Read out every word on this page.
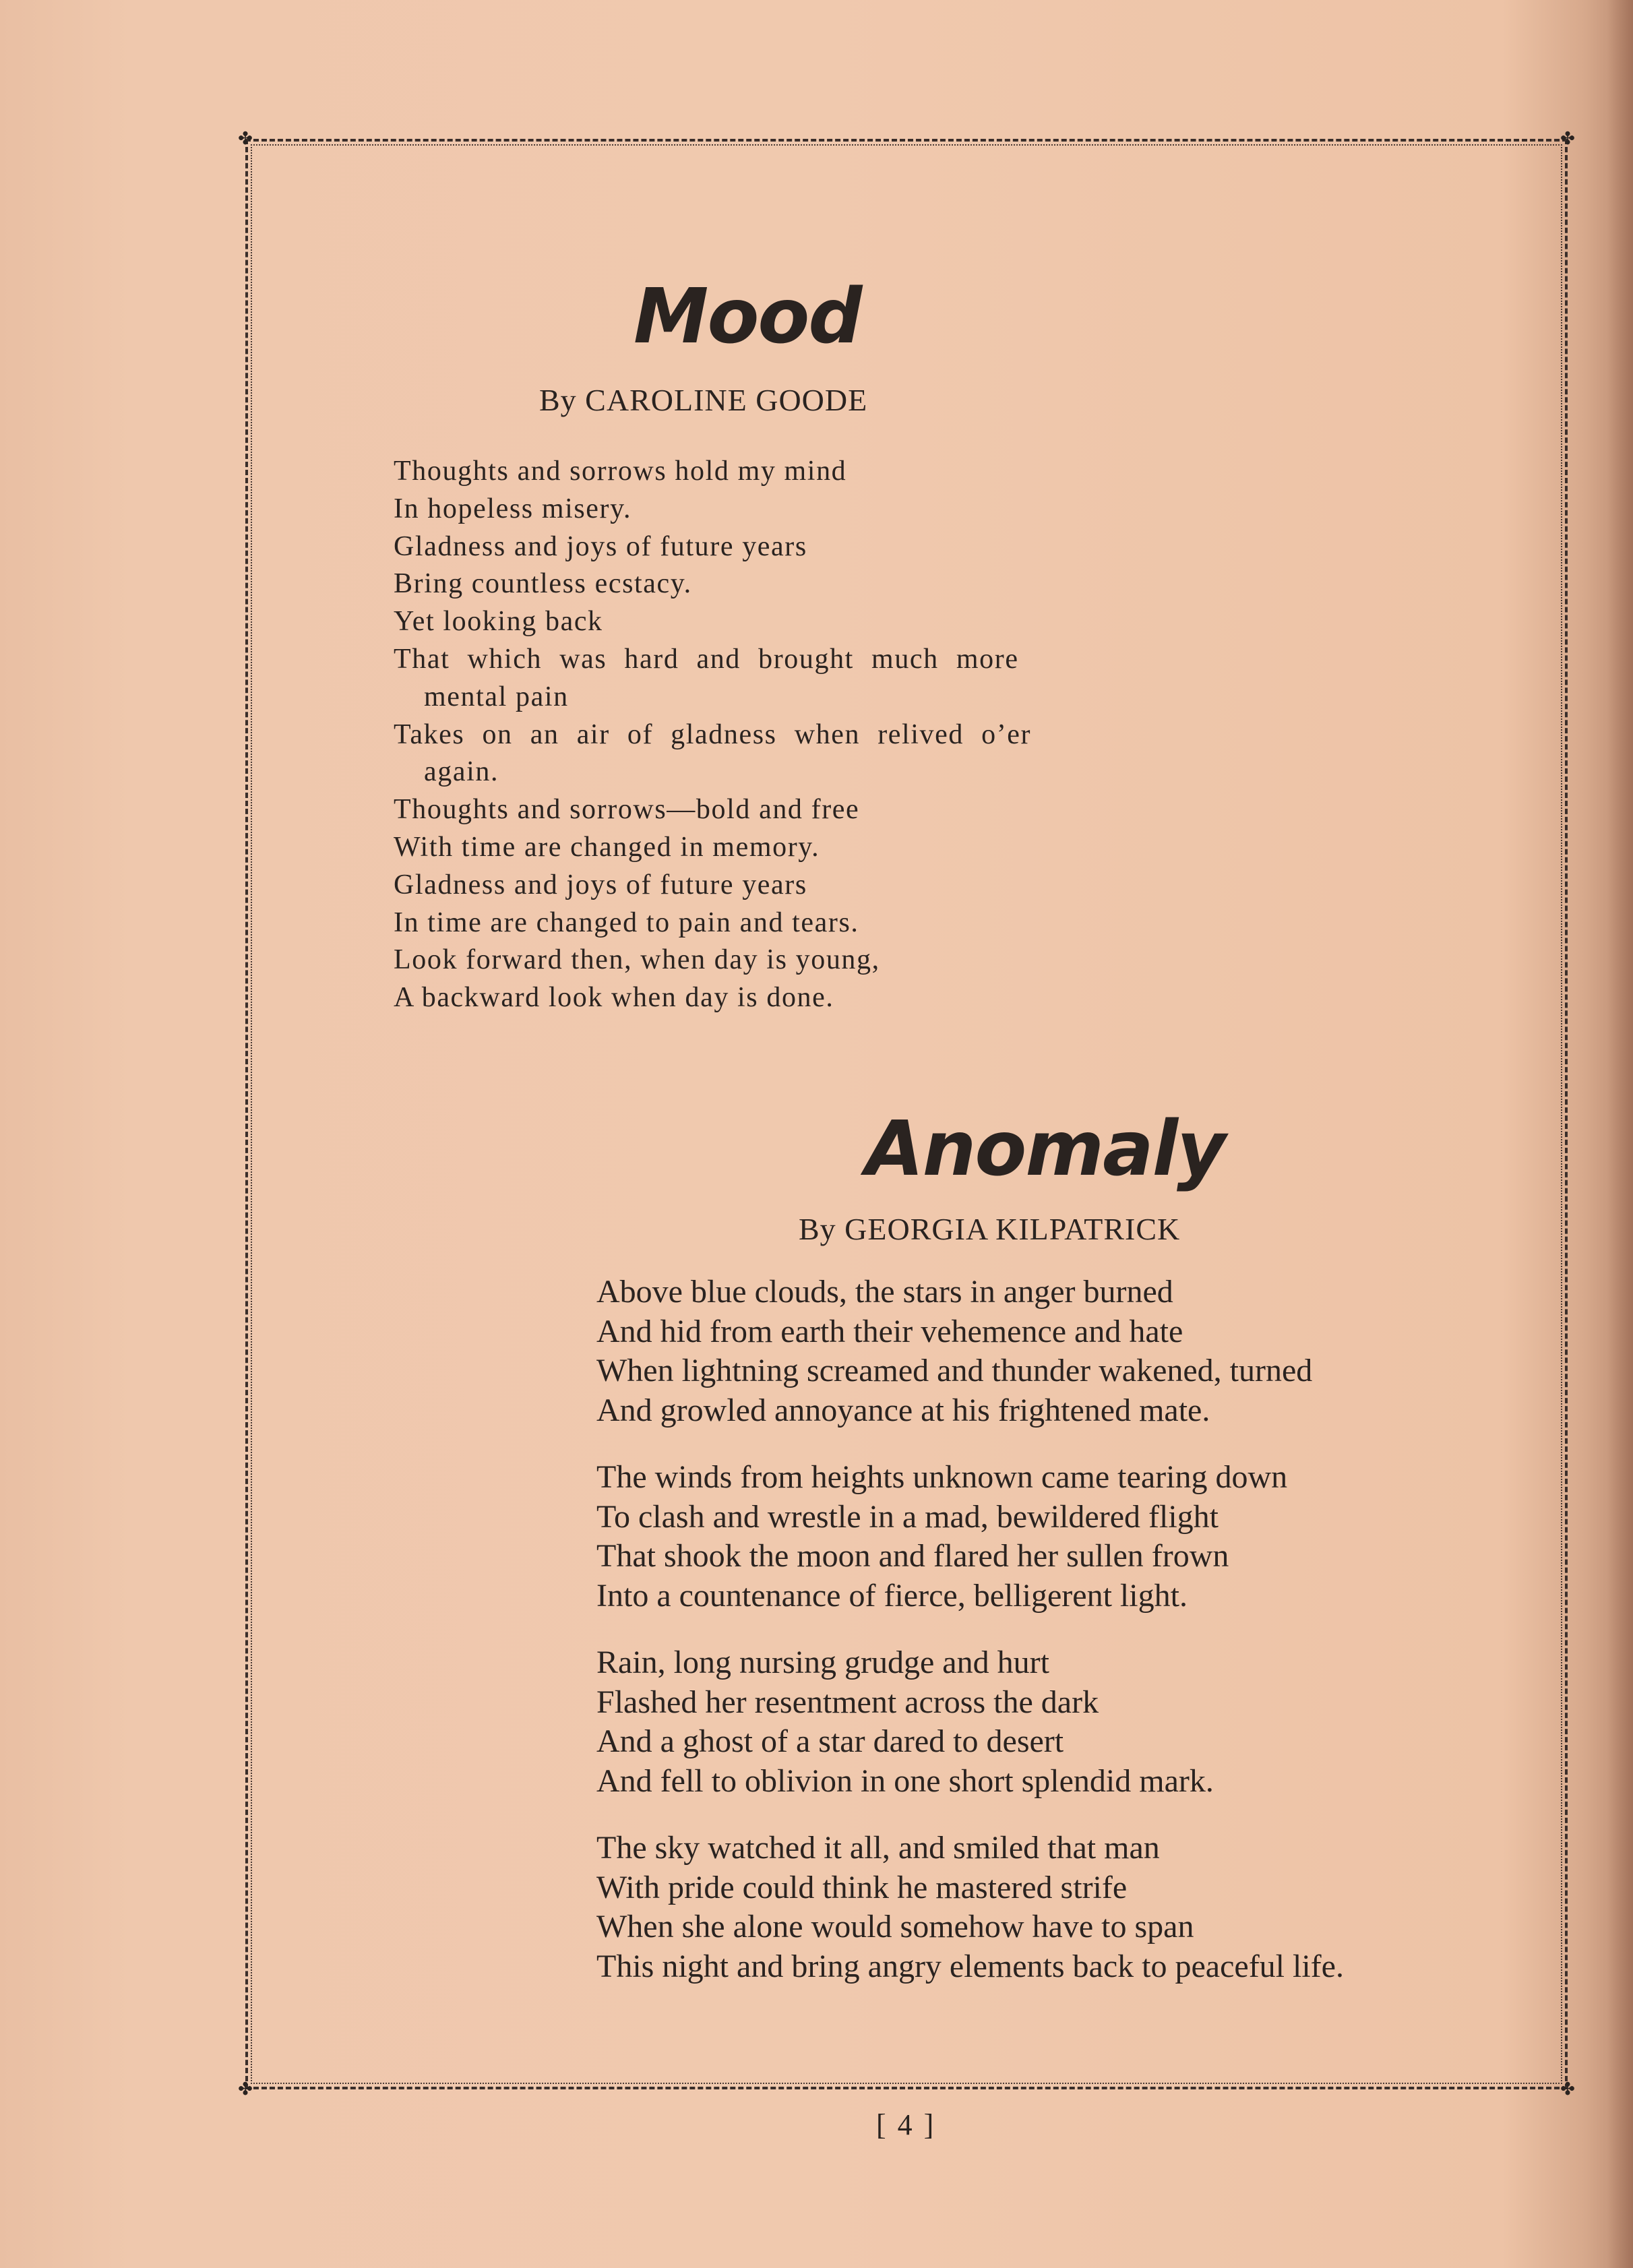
✤	✤
✤	✤
Mood
By CAROLINE GOODE
Thoughts and sorrows hold my mind
In hopeless misery.
Gladness and joys of future years
Bring countless ecstacy.
Yet looking back
That which was hard and brought much more
mental pain
Takes on an air of gladness when relived o’er
again.
Thoughts and sorrows—bold and free
With time are changed in memory.
Gladness and joys of future years
In time are changed to pain and tears.
Look forward then, when day is young,
A backward look when day is done.
Anomaly
By GEORGIA KILPATRICK
Above blue clouds, the stars in anger burned
And hid from earth their vehemence and hate
When lightning screamed and thunder wakened, turned
And growled annoyance at his frightened mate.
The winds from heights unknown came tearing down
To clash and wrestle in a mad, bewildered flight
That shook the moon and flared her sullen frown
Into a countenance of fierce, belligerent light.
Rain, long nursing grudge and hurt
Flashed her resentment across the dark
And a ghost of a star dared to desert
And fell to oblivion in one short splendid mark.
The sky watched it all, and smiled that man
With pride could think he mastered strife
When she alone would somehow have to span
This night and bring angry elements back to peaceful life.
[ 4 ]
